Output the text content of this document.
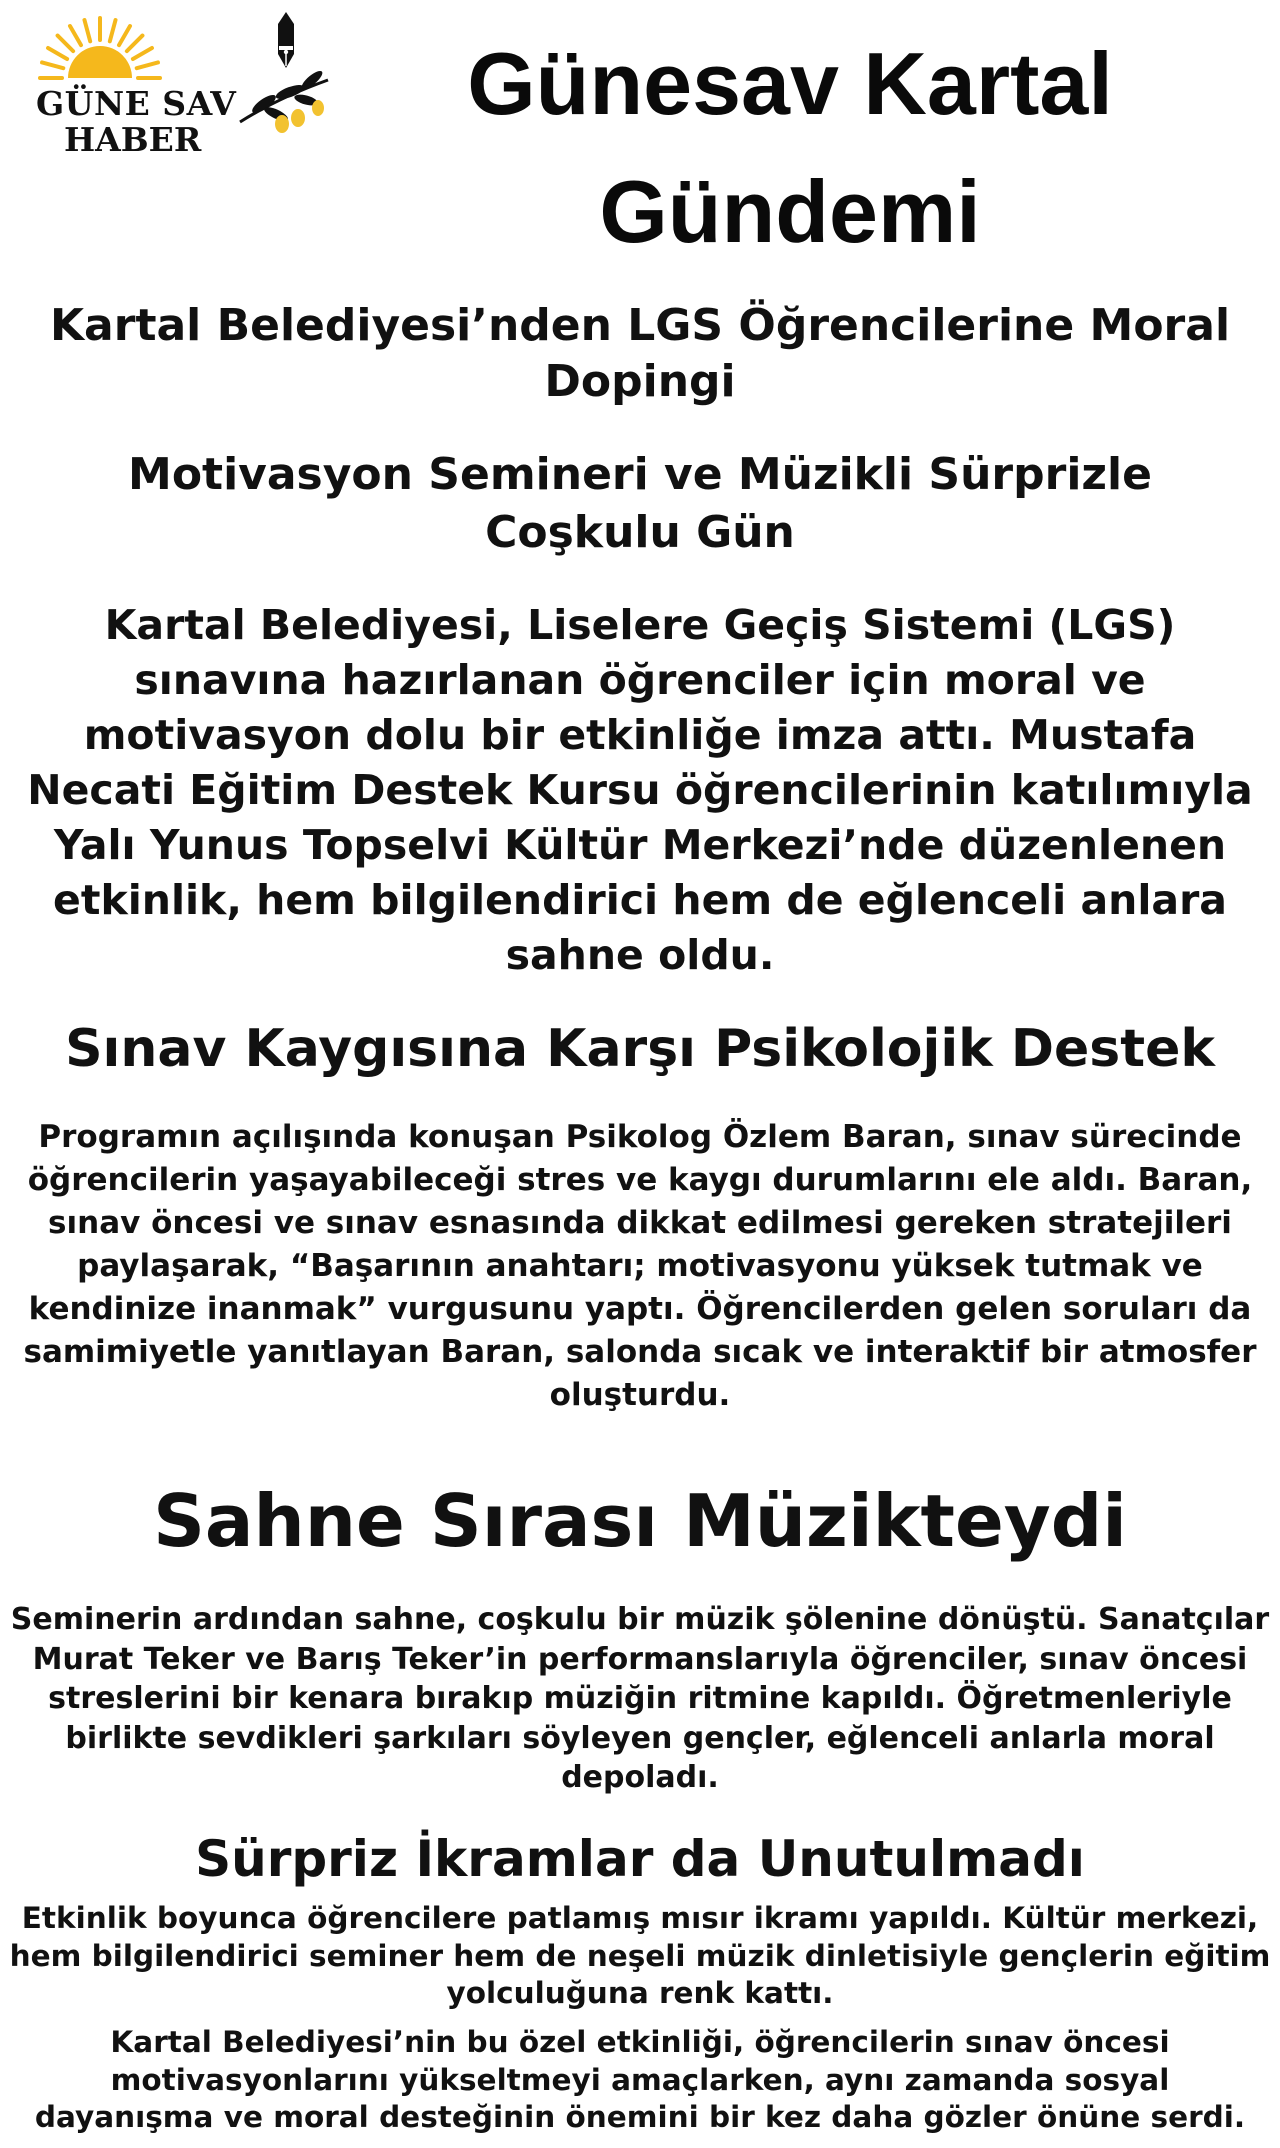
GÜNE SAV
HABER
Günesav Kartal Gündemi
Kartal Belediyesi’nden LGS Öğrencilerine Moral Dopingi
Motivasyon Semineri ve Müzikli Sürprizle Coşkulu Gün
Kartal Belediyesi, Liselere Geçiş Sistemi (LGS) sınavına hazırlanan öğrenciler için moral ve motivasyon dolu bir etkinliğe imza attı. Mustafa Necati Eğitim Destek Kursu öğrencilerinin katılımıyla Yalı Yunus Topselvi Kültür Merkezi’nde düzenlenen etkinlik, hem bilgilendirici hem de eğlenceli anlara sahne oldu.
Sınav Kaygısına Karşı Psikolojik Destek
Programın açılışında konuşan Psikolog Özlem Baran, sınav sürecinde öğrencilerin yaşayabileceği stres ve kaygı durumlarını ele aldı. Baran, sınav öncesi ve sınav esnasında dikkat edilmesi gereken stratejileri paylaşarak, “Başarının anahtarı; motivasyonu yüksek tutmak ve kendinize inanmak” vurgusunu yaptı. Öğrencilerden gelen soruları da samimiyetle yanıtlayan Baran, salonda sıcak ve interaktif bir atmosfer oluşturdu.
Sahne Sırası Müzikteydi
Seminerin ardından sahne, coşkulu bir müzik şölenine dönüştü. Sanatçılar Murat Teker ve Barış Teker’in performanslarıyla öğrenciler, sınav öncesi streslerini bir kenara bırakıp müziğin ritmine kapıldı. Öğretmenleriyle birlikte sevdikleri şarkıları söyleyen gençler, eğlenceli anlarla moral depoladı.
Sürpriz İkramlar da Unutulmadı
Etkinlik boyunca öğrencilere patlamış mısır ikramı yapıldı. Kültür merkezi, hem bilgilendirici seminer hem de neşeli müzik dinletisiyle gençlerin eğitim yolculuğuna renk kattı.
Kartal Belediyesi’nin bu özel etkinliği, öğrencilerin sınav öncesi motivasyonlarını yükseltmeyi amaçlarken, aynı zamanda sosyal dayanışma ve moral desteğinin önemini bir kez daha gözler önüne serdi.
